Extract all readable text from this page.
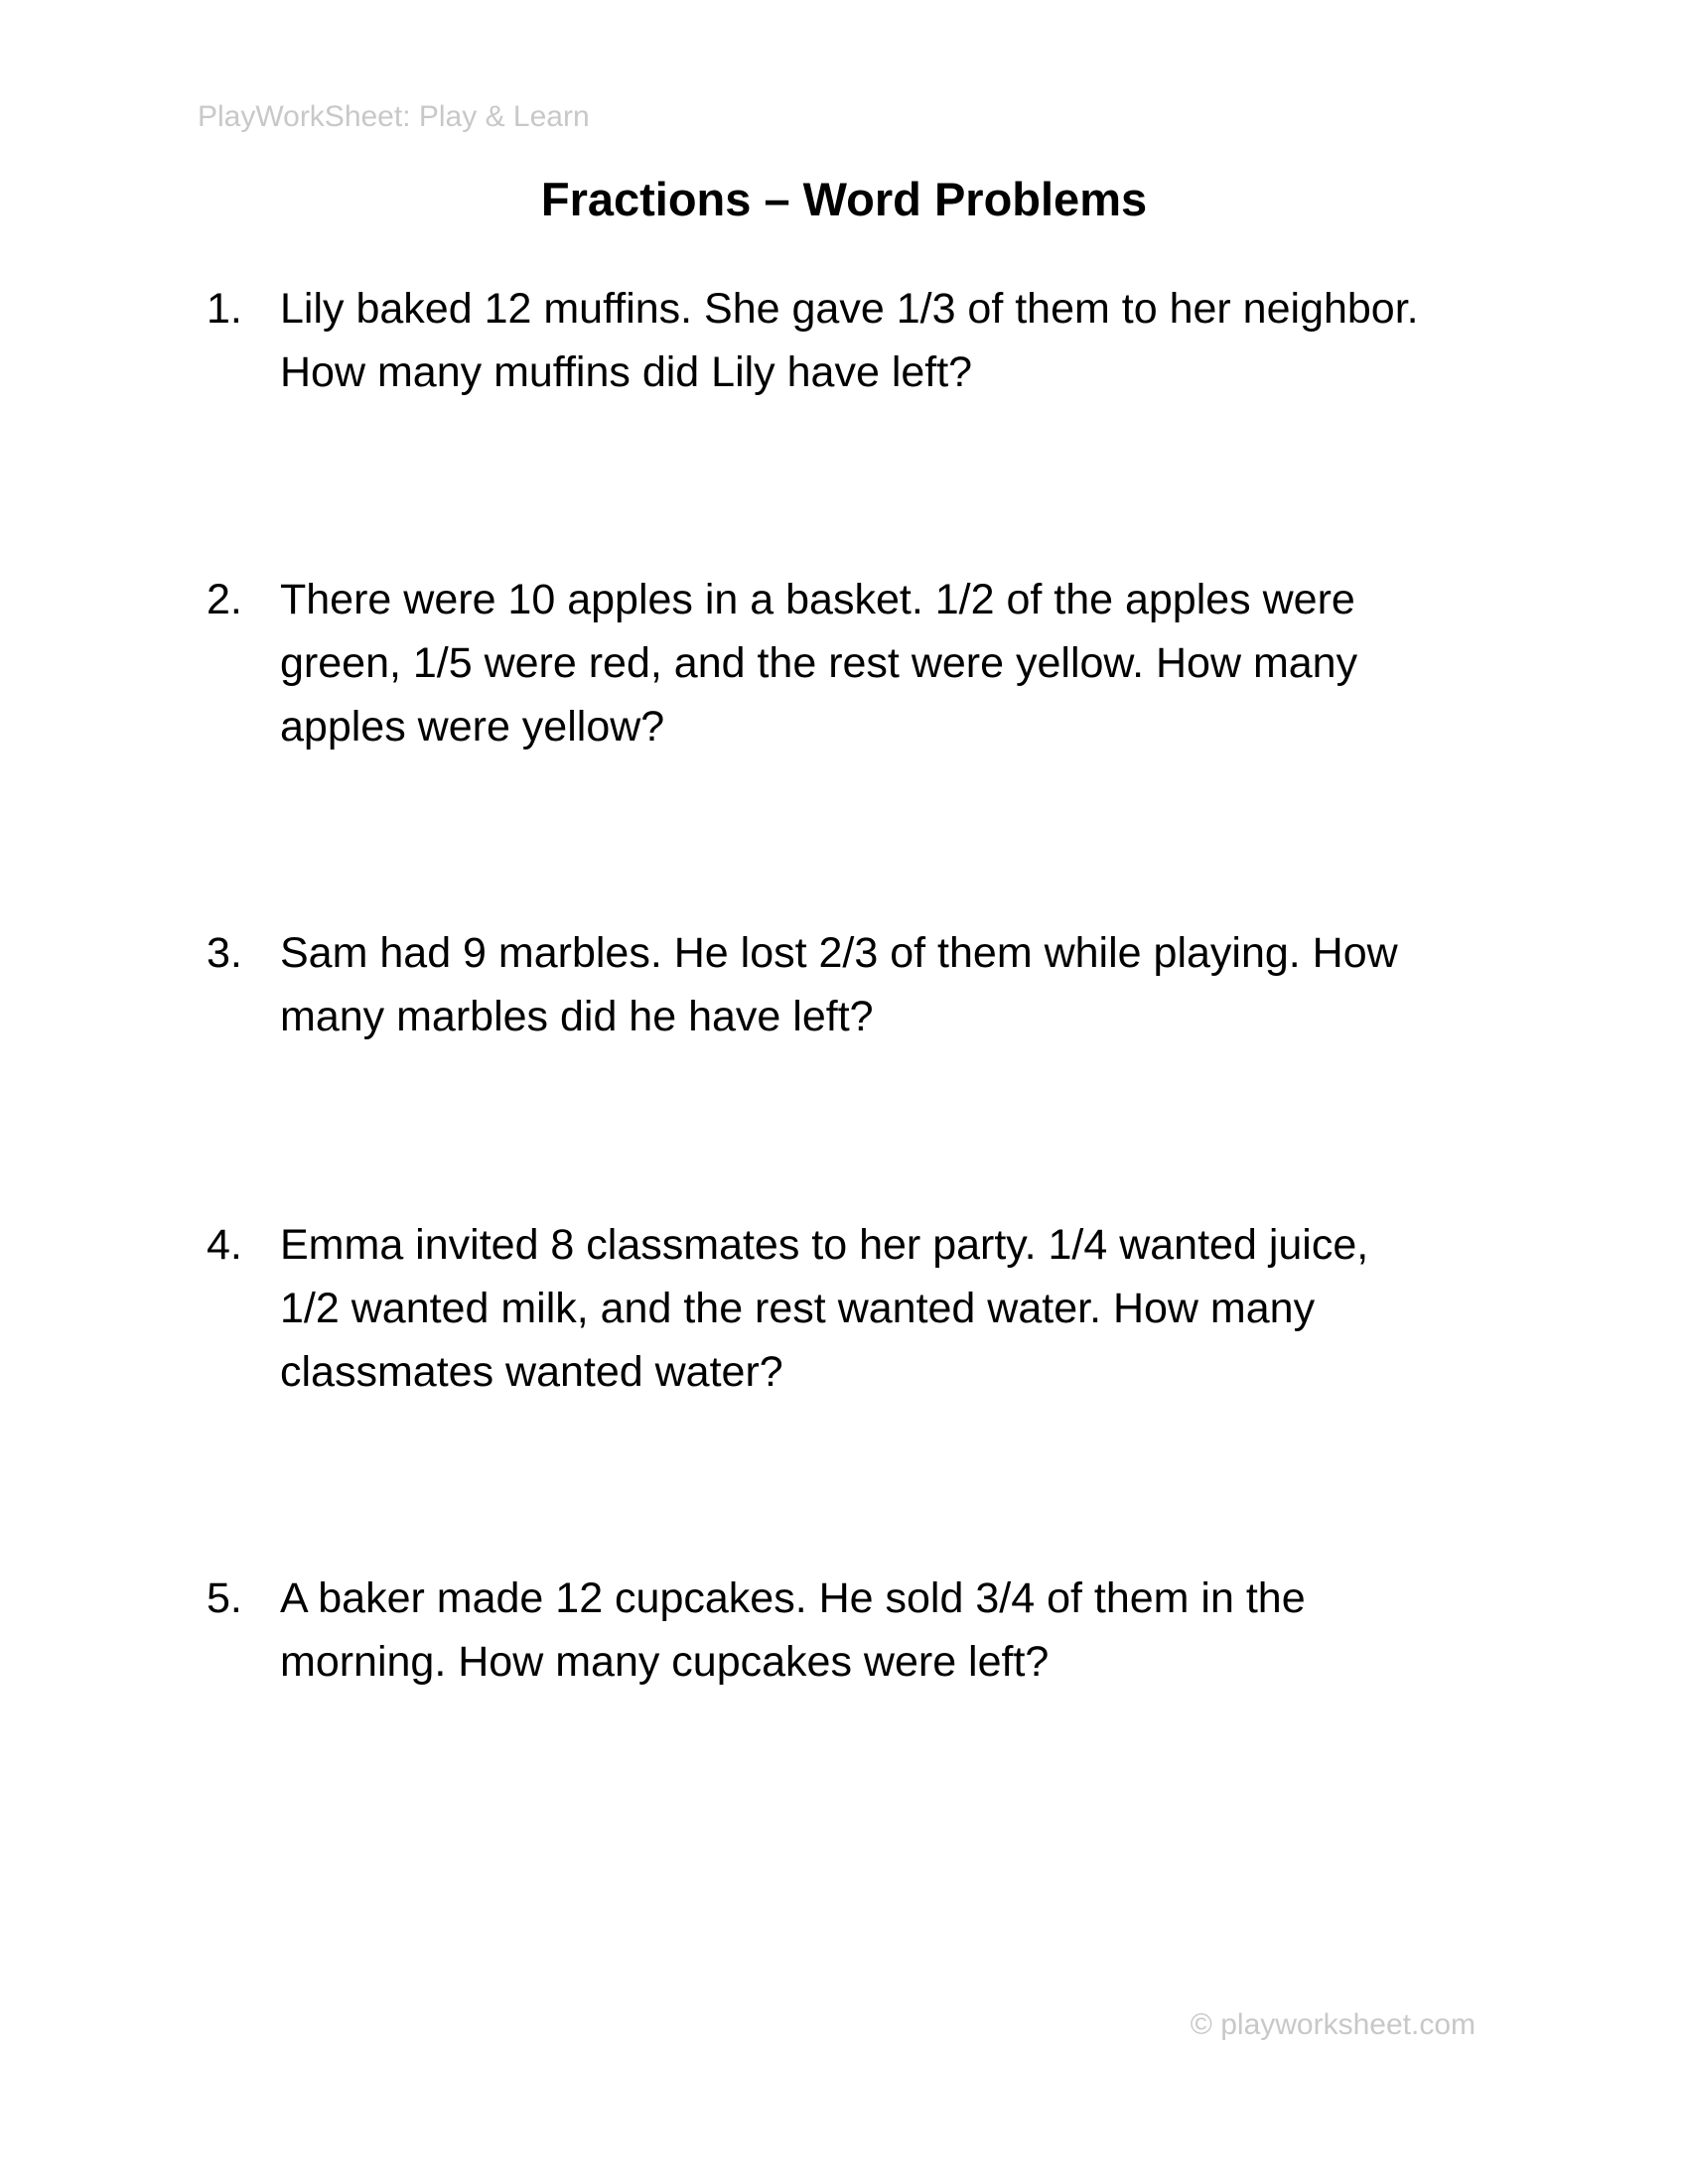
PlayWorkSheet: Play & Learn
Fractions – Word Problems
1. Lily baked 12 muffins. She gave 1/3 of them to her neighbor.
How many muffins did Lily have left?
2. There were 10 apples in a basket. 1/2 of the apples were
green, 1/5 were red, and the rest were yellow. How many
apples were yellow?
3. Sam had 9 marbles. He lost 2/3 of them while playing. How
many marbles did he have left?
4. Emma invited 8 classmates to her party. 1/4 wanted juice,
1/2 wanted milk, and the rest wanted water. How many
classmates wanted water?
5. A baker made 12 cupcakes. He sold 3/4 of them in the
morning. How many cupcakes were left?
© playworksheet.com
